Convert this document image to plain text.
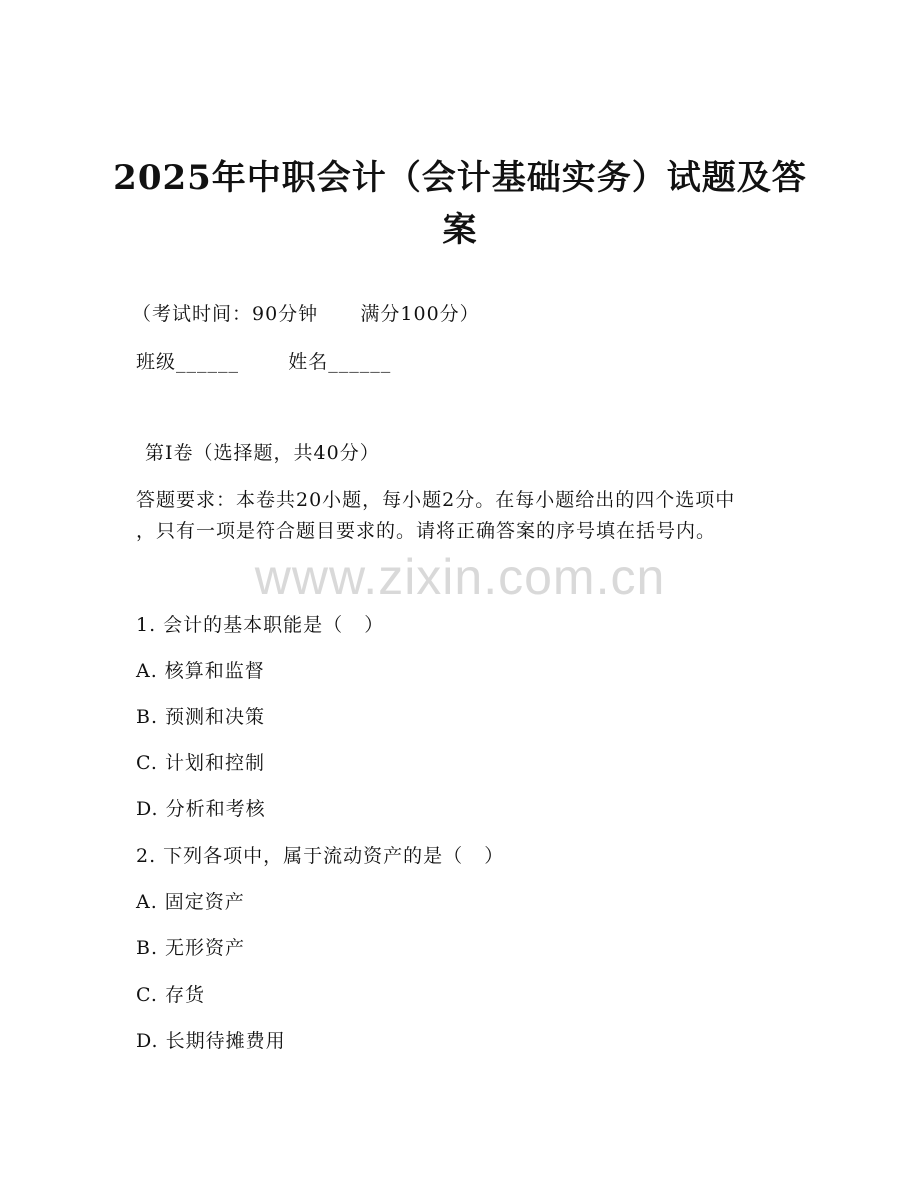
2025年中职会计（会计基础实务）试题及答
案
（考试时间：90分钟      满分100分）
班级______       姓名______
第Ⅰ卷（选择题，共40分）
答题要求：本卷共20小题，每小题2分。在每小题给出的四个选项中
，只有一项是符合题目要求的。请将正确答案的序号填在括号内。
www.zixin.com.cn
1. 会计的基本职能是（   ）
A. 核算和监督
B. 预测和决策
C. 计划和控制
D. 分析和考核
2. 下列各项中，属于流动资产的是（   ）
A. 固定资产
B. 无形资产
C. 存货
D. 长期待摊费用
